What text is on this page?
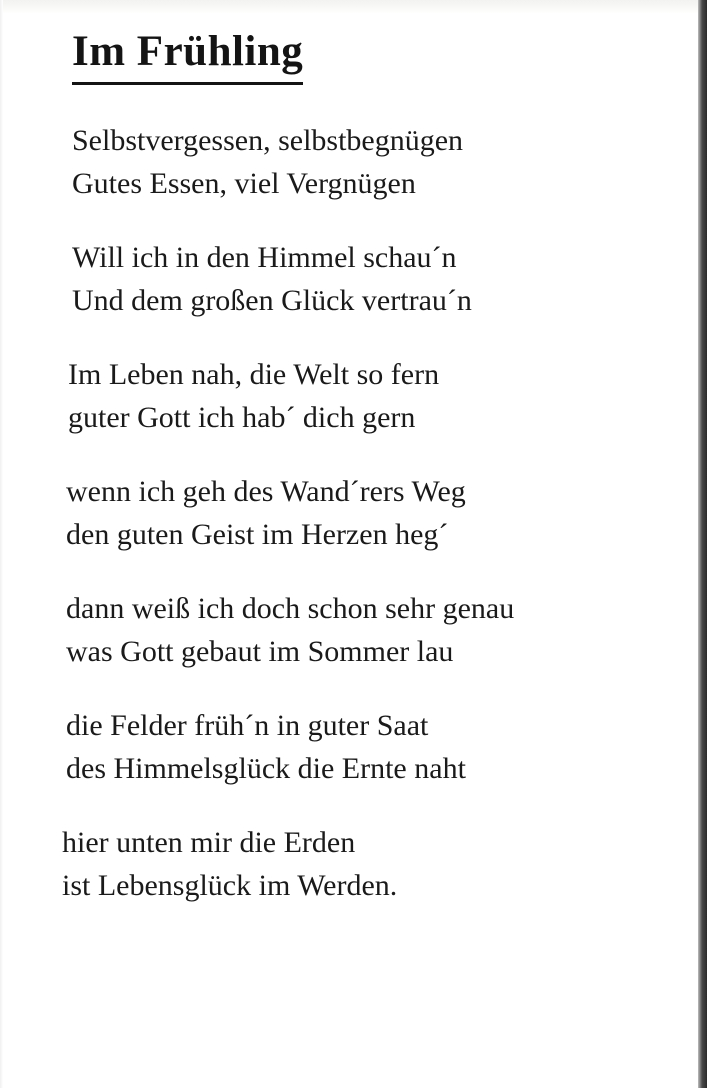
Im Frühling
Selbstvergessen, selbstbegnügen
Gutes Essen, viel Vergnügen
Will ich in den Himmel schau´n
Und dem großen Glück vertrau´n
Im Leben nah, die Welt so fern
guter Gott ich hab´ dich gern
wenn ich geh des Wand´rers Weg
den guten Geist im Herzen heg´
dann weiß ich doch schon sehr genau
was Gott gebaut im Sommer lau
die Felder früh´n in guter Saat
des Himmelsglück die Ernte naht
hier unten mir die Erden
ist Lebensglück im Werden.
